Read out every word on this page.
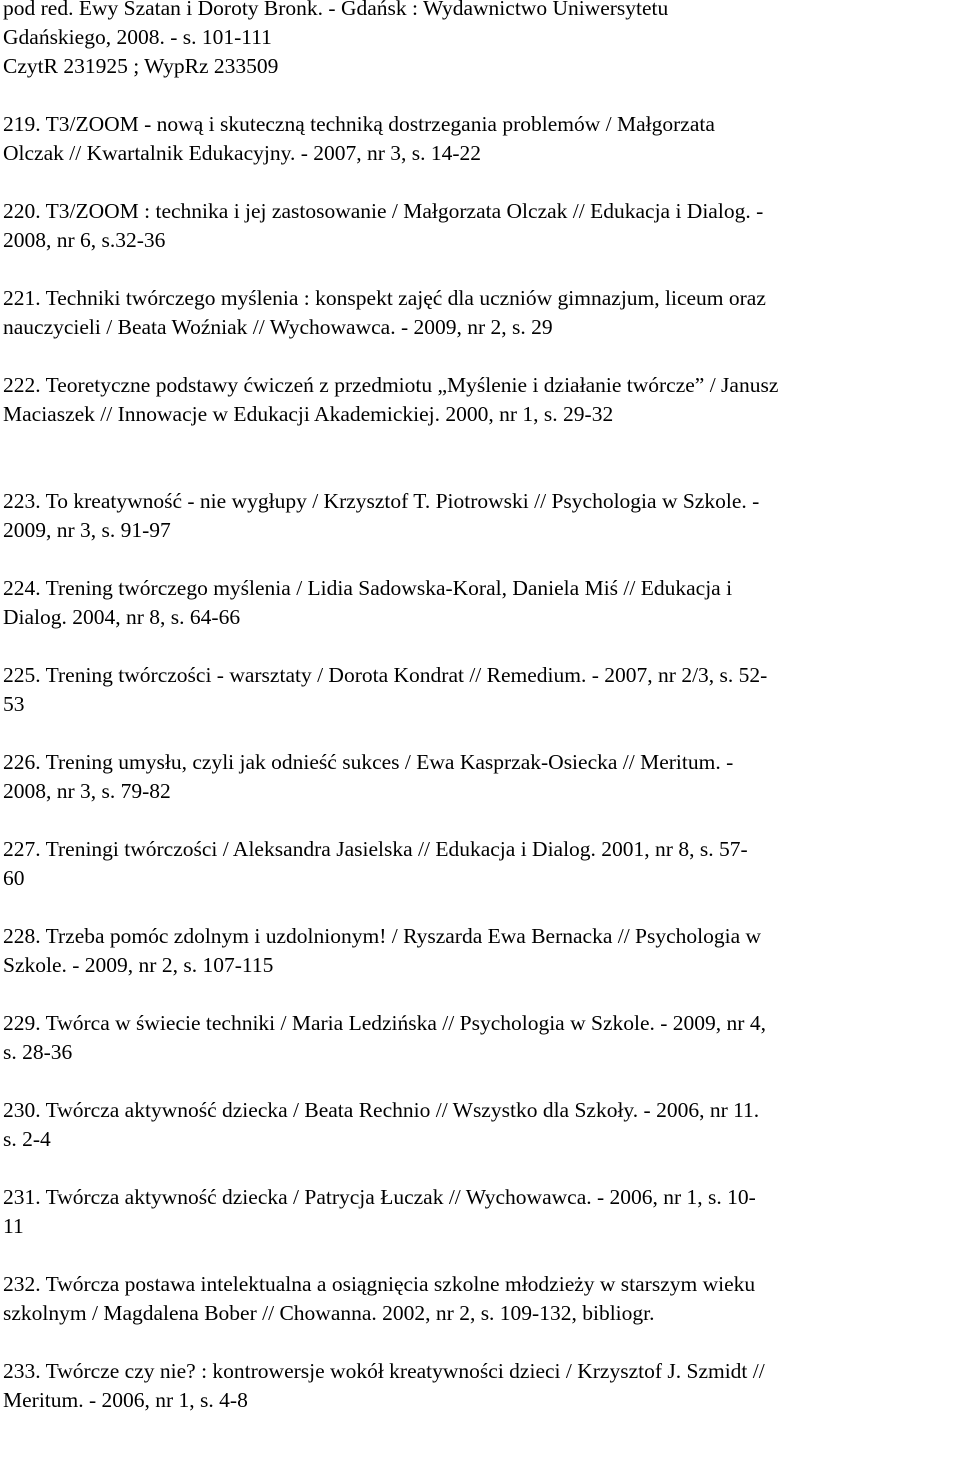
pod red. Ewy Szatan i Doroty Bronk. - Gdańsk : Wydawnictwo Uniwersytetu
Gdańskiego, 2008. - s. 101-111
CzytR 231925 ; WypRz 233509
219. T3/ZOOM - nową i skuteczną techniką dostrzegania problemów / Małgorzata
Olczak // Kwartalnik Edukacyjny. - 2007, nr 3, s. 14-22
220. T3/ZOOM : technika i jej zastosowanie / Małgorzata Olczak // Edukacja i Dialog. -
2008, nr 6, s.32-36
221. Techniki twórczego myślenia : konspekt zajęć dla uczniów gimnazjum, liceum oraz
nauczycieli / Beata Woźniak // Wychowawca. - 2009, nr 2, s. 29
222. Teoretyczne podstawy ćwiczeń z przedmiotu „Myślenie i działanie twórcze” / Janusz
Maciaszek // Innowacje w Edukacji Akademickiej. 2000, nr 1, s. 29-32
223. To kreatywność - nie wygłupy / Krzysztof T. Piotrowski // Psychologia w Szkole. -
2009, nr 3, s. 91-97
224. Trening twórczego myślenia / Lidia Sadowska-Koral, Daniela Miś // Edukacja i
Dialog. 2004, nr 8, s. 64-66
225. Trening twórczości - warsztaty / Dorota Kondrat // Remedium. - 2007, nr 2/3, s. 52-
53
226. Trening umysłu, czyli jak odnieść sukces / Ewa Kasprzak-Osiecka // Meritum. -
2008, nr 3, s. 79-82
227. Treningi twórczości / Aleksandra Jasielska // Edukacja i Dialog. 2001, nr 8, s. 57-
60
228. Trzeba pomóc zdolnym i uzdolnionym! / Ryszarda Ewa Bernacka // Psychologia w
Szkole. - 2009, nr 2, s. 107-115
229. Twórca w świecie techniki / Maria Ledzińska // Psychologia w Szkole. - 2009, nr 4,
s. 28-36
230. Twórcza aktywność dziecka / Beata Rechnio // Wszystko dla Szkoły. - 2006, nr 11.
s. 2-4
231. Twórcza aktywność dziecka / Patrycja Łuczak // Wychowawca. - 2006, nr 1, s. 10-
11
232. Twórcza postawa intelektualna a osiągnięcia szkolne młodzieży w starszym wieku
szkolnym / Magdalena Bober // Chowanna. 2002, nr 2, s. 109-132, bibliogr.
233. Twórcze czy nie? : kontrowersje wokół kreatywności dzieci / Krzysztof J. Szmidt //
Meritum. - 2006, nr 1, s. 4-8
